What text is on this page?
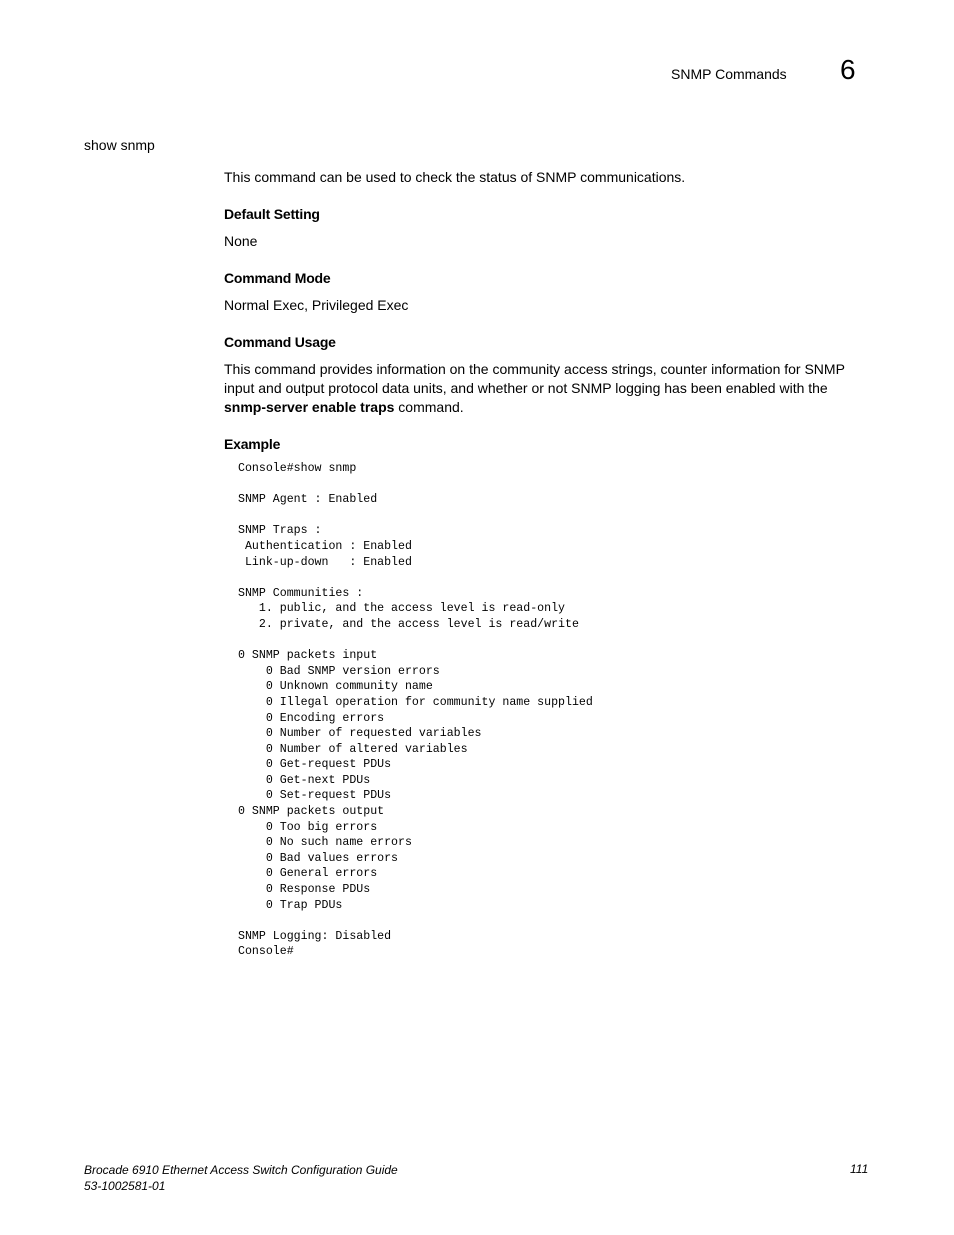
SNMP Commands 6
show snmp

This command can be used to check the status of SNMP communications.

Default Setting

None

Command Mode

Normal Exec, Privileged Exec

Command Usage

This command provides information on the community access strings, counter information for SNMP input and output protocol data units, and whether or not SNMP logging has been enabled with the snmp-server enable traps command.

Example
Console#show snmp

SNMP Agent : Enabled

SNMP Traps :
Authentication : Enabled
Link-up-down   : Enabled

SNMP Communities :
1. public, and the access level is read-only
2. private, and the access level is read/write

0 SNMP packets input
0 Bad SNMP version errors
0 Unknown community name
0 Illegal operation for community name supplied
0 Encoding errors
0 Number of requested variables
0 Number of altered variables
0 Get-request PDUs
0 Get-next PDUs
0 Set-request PDUs
0 SNMP packets output
0 Too big errors
0 No such name errors
0 Bad values errors
0 General errors
0 Response PDUs
0 Trap PDUs

SNMP Logging: Disabled
Console#
Brocade 6910 Ethernet Access Switch Configuration Guide
53-1002581-01
111
